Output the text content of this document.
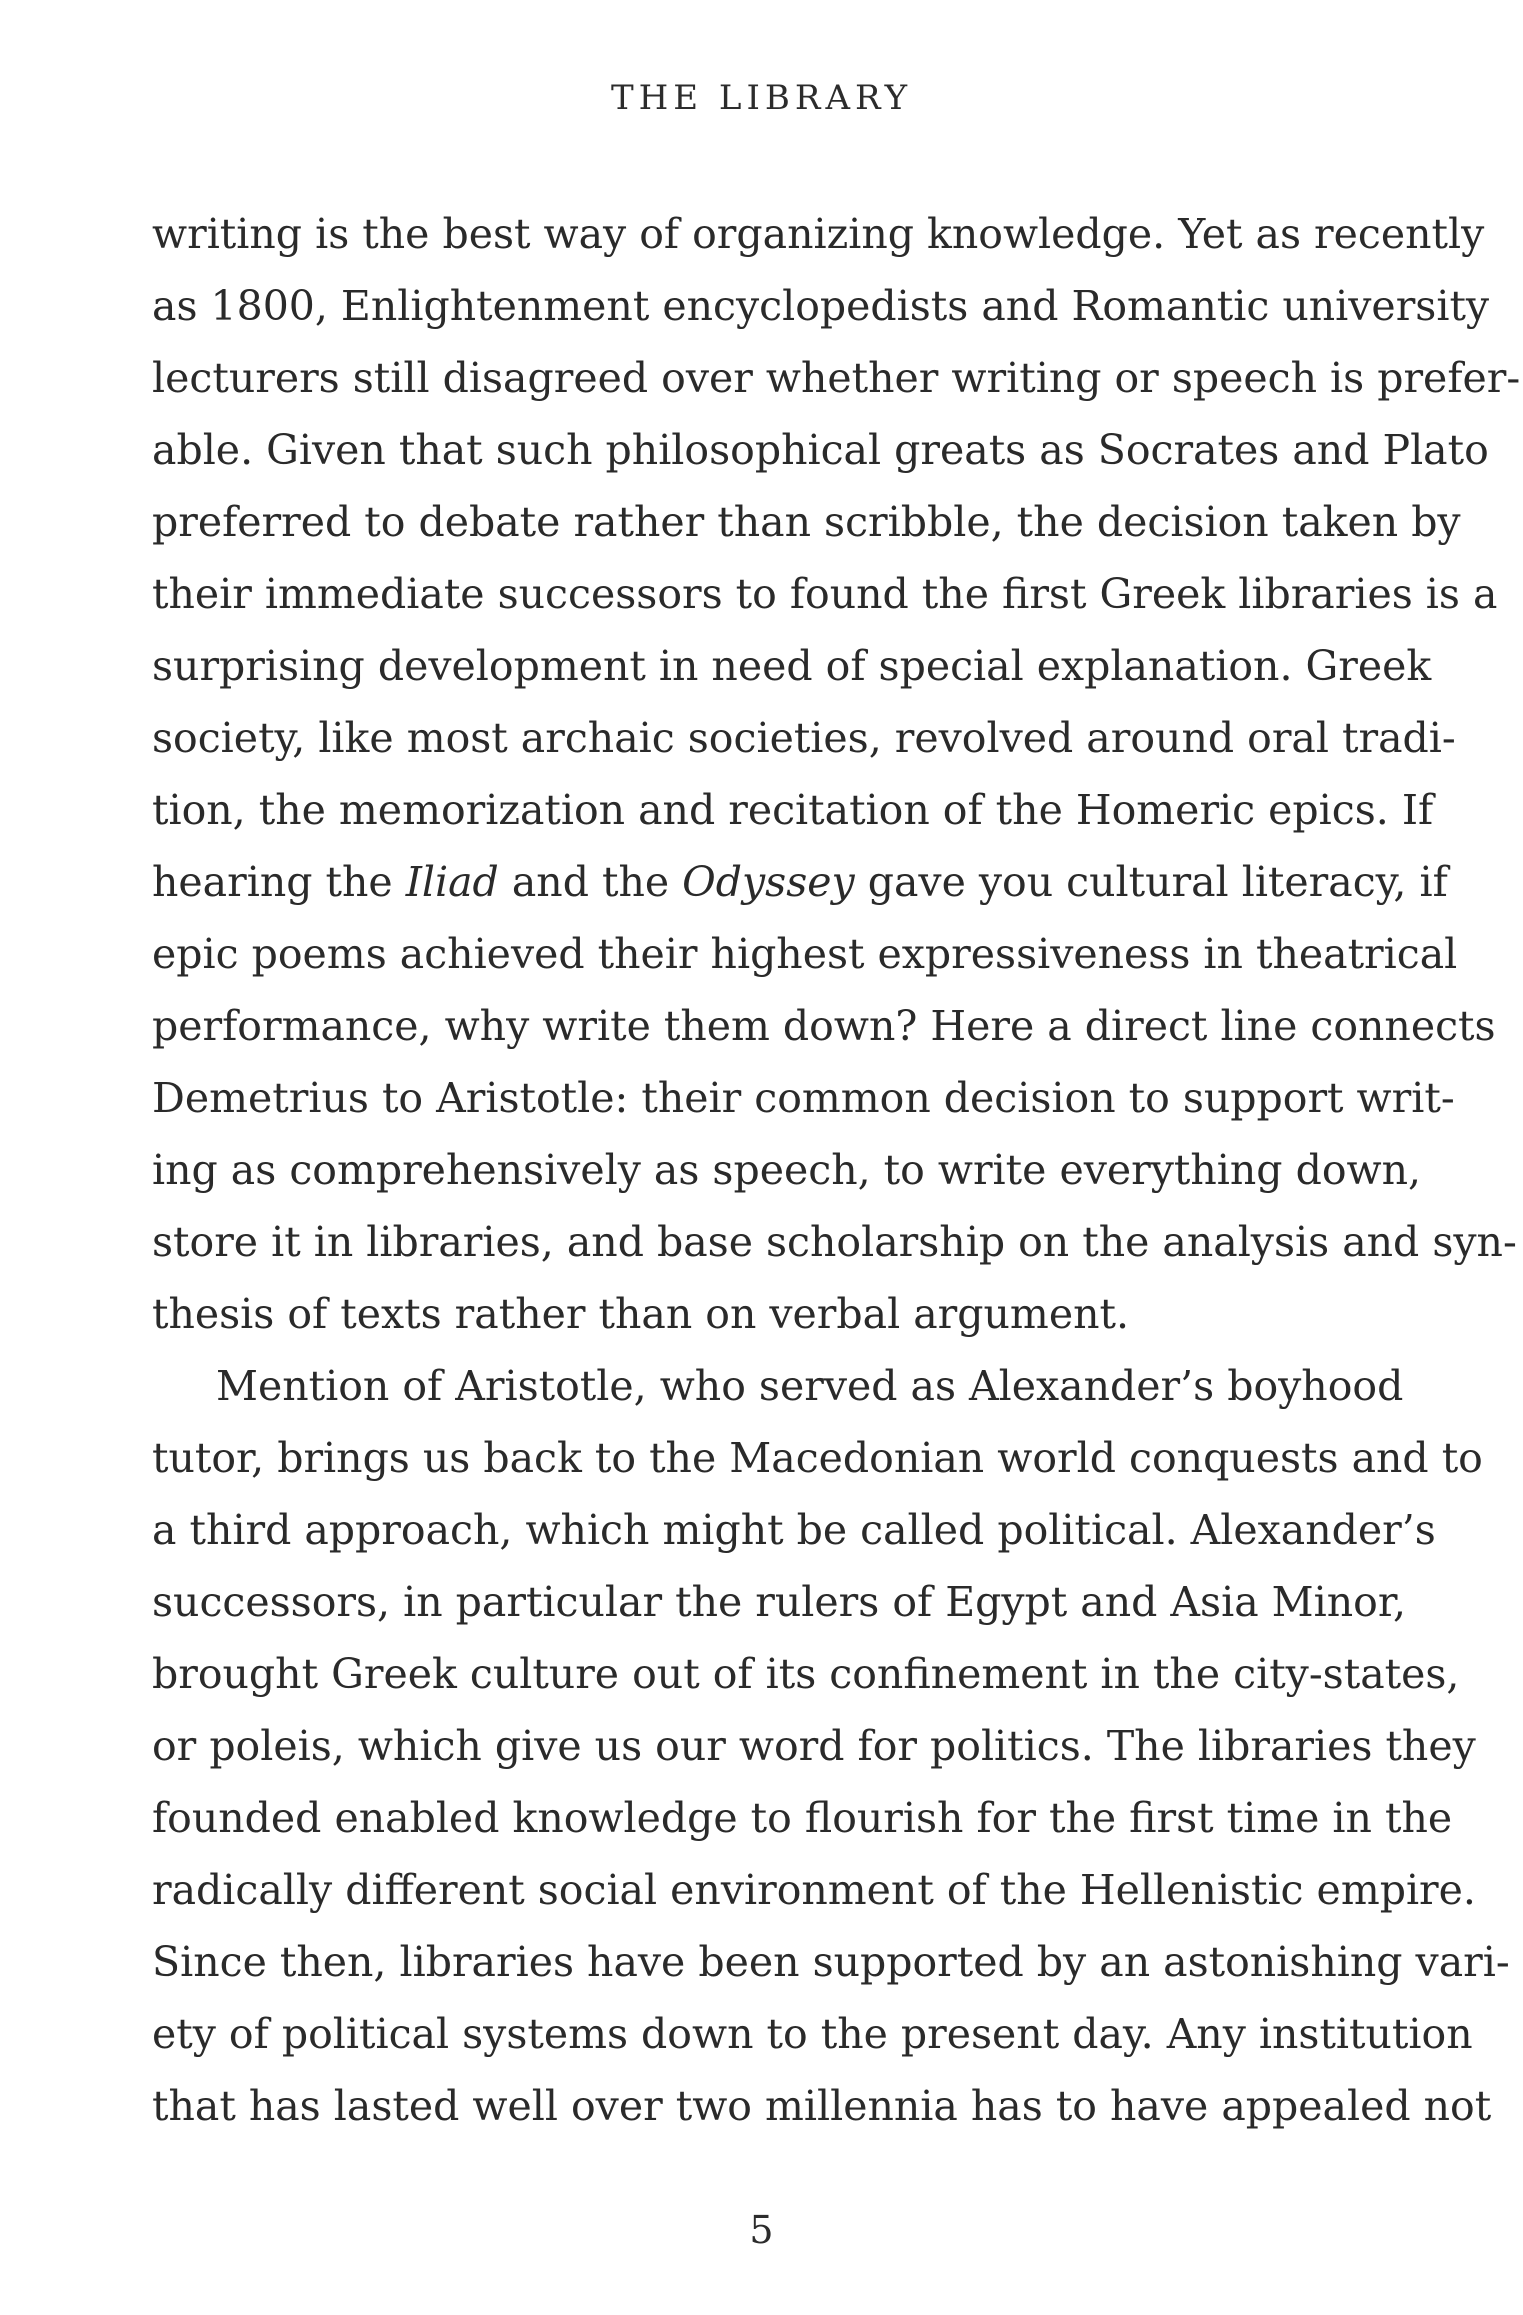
THE LIBRARY
writing is the best way of organizing knowledge. Yet as recently
as 1800, Enlightenment encyclopedists and Romantic university
lecturers still disagreed over whether writing or speech is prefer-
able. Given that such philosophical greats as Socrates and Plato
preferred to debate rather than scribble, the decision taken by
their immediate successors to found the first Greek libraries is a
surprising development in need of special explanation. Greek
society, like most archaic societies, revolved around oral tradi-
tion, the memorization and recitation of the Homeric epics. If
hearing the Iliad and the Odyssey gave you cultural literacy, if
epic poems achieved their highest expressiveness in theatrical
performance, why write them down? Here a direct line connects
Demetrius to Aristotle: their common decision to support writ-
ing as comprehensively as speech, to write everything down,
store it in libraries, and base scholarship on the analysis and syn-
thesis of texts rather than on verbal argument.
Mention of Aristotle, who served as Alexander’s boyhood
tutor, brings us back to the Macedonian world conquests and to
a third approach, which might be called political. Alexander’s
successors, in particular the rulers of Egypt and Asia Minor,
brought Greek culture out of its confinement in the city-states,
or poleis, which give us our word for politics. The libraries they
founded enabled knowledge to flourish for the first time in the
radically different social environment of the Hellenistic empire.
Since then, libraries have been supported by an astonishing vari-
ety of political systems down to the present day. Any institution
that has lasted well over two millennia has to have appealed not
5
